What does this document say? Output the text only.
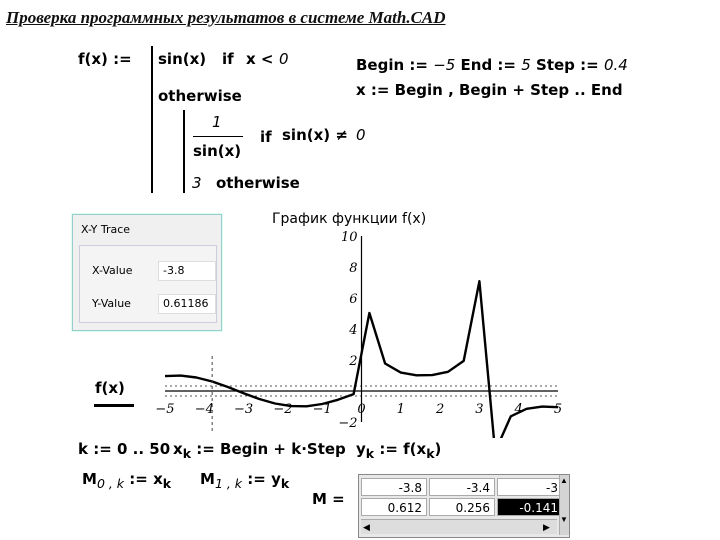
Проверка программных результатов в системе Math.CAD
f(x) := sin(x) if x < 0
otherwise
1
sin(x)
if sin(x) ≠ 0
3 otherwise
Begin := −5 End := 5 Step := 0.4
x := Begin , Begin + Step .. End
X-Y Trace
X-Value	-3.8
Y-Value	0.61186
График функции f(x)
−5 −4 −3 −2 −1 0 1 2 3 4 5
−2
2
4
6
8
10
f(x)
k := 0 .. 50 $x_k$ := Begin + k·Step $y_k$ := $f(x_k)$
$M_{0 , k}$ := $x_k$ $M_{1 , k}$ := $y_k$
M =
-3.8	-3.4	-3
0.612	0.256	-0.141
◀	▶
▲
▼
